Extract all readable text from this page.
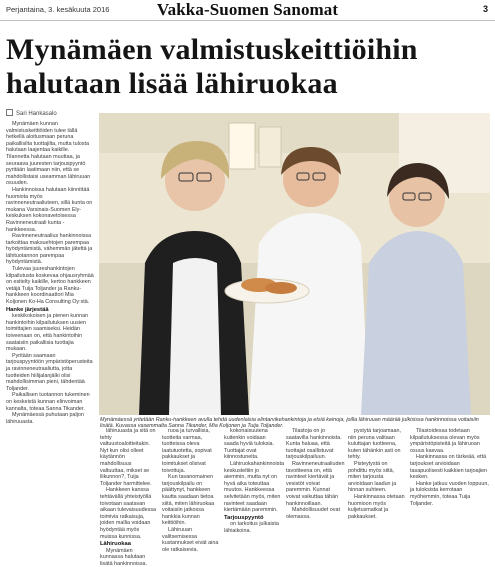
Perjantaina, 3. kesäkuuta 2016	Vakka-Suomen Sanomat	3
Mynämäen valmistuskeittiöihin
halutaan lisää lähiruokaa
Sari Hankasalo

Mynämäen kunnan valmistuskeittiöiden tulee tällä hetkellä aloitusmaan peruna paikallisilta tuottajilta, mutta tulosta halutaan laajentaa kaikille. Tilannetta halutaan muuttaa, ja seuraava juuresten tarjouspyyntö pyritään laatimaan niin, että se mahdollistaisi useamman lähiruuan osuuden.

Hankinnoissa halutaan kiinnittää huomiota myös ravinneneutraaliuteen, sillä kunta on mukana Varsinais-Suomen Ely-keskuksen kokonavetoisessa Ravinneneutraali kunta -hankkeessa.

Ravinneneutraalius hankinnoissa tarkoittaa maksuehtojen parempaa hyödyntämistä, vähemmän jätettä ja lähituotannon parempaa hyödyntämistä.

Tulevaa juureshankintojen kilpailutusta koskevaa ohjausryhmää on esitelty kaikille, kertoo hankkeen vetäjä Tuija Toljander ja Ranku-hankkeen koordinaattori Mia Koljonen Ko-Ha Consulting Oy:stä.

Hanke järjestää

keskikokoisen ja pienen kunnan hankintoihin kilpailutuksen uusien toimittajien saamiseksi. Heidän toiveenaan on, että hankintoihin saataisiin paikallisia tuottajia mukaan.

Pyritään saamaan tarjouspyyntöön ympäristöperusteita ja ravinneneutraaliutta, jotta tuotteiden hiilijalanjälki olisi mahdollisimman pieni, tähdentää Toljander.

Paikallisen tuotannon tukeminen on keskeistä kunnan elinvoiman kannalta, toteaa Sanna Tikander.

Mynämäessä puhutaan paljon lähiruuasta.	Mynämäessä yritetään Ranku-hankkeen avulla tehdä uudenlaisia elintarvikehankintoja ja etsiä keinoja, joilla lähiruuan määrää julkisissa hankinnoissa voitaisiin lisätä. Kuvassa vasemmalta Sanna Tikander, Mia Koljonen ja Tuija Toljander.

lähiruuasta ja sitä on tehty valtuustoaloitteitakin. Nyt kun olisi olleet käytännön mahdollisuus valtuuttaa, mikset se liikunnon?, Tuija Toljander harmittelee.

Hankkeen kanssa tehtävällä yhteistyöllä toivotaan saatavan aikaan tulevaisuudessa toimivia ratkaisuja, joiden mallia voidaan hyödyntää myös muissa kunnissa.

Lähiruokaa

Mynämäen kunnassa halutaan lisätä hankinnoissa.

ruoa ja turvallisia, tuotteita varmaa, tuotteissa oleva laatutuotetta, sopivat pakkaukset ja toimitukset olisivat toivottuja.

Kun tavanomainen tarjouskilpailu on päättynyt, hankkeen kautta saadaan tietoa siitä, miten lähiruokaa voitaisiin jatkossa hankkia kunnan keittiöihin.

Lähiruuan valitsemisessa kustannukset eivät aina ole ratkaisevia.

kokonaisuutena kuitenkin voidaan saada hyviä tuloksia. Tuottajat ovat kiinnostuneita.

Lähiruokahankinnoista keskusteltiin jo aiemmin, mutta nyt on hyvä aika toteuttaa muutos. Hankkeessa selvitetään myös, miten ravinteet saadaan kiertämään paremmin.

Tarjouspyyntö

on tarkoitus julkaista lähiaikoina.

Tilastoja on jo saatavilla hankinnoista. Kunta haluaa, että tuottajat osallistuvat tarjouskilpailuun.

Ravinneneutraaliuden tavoitteena on, että ravinteet kiertävät ja vesistöt voivat paremmin. Kunnat voivat vaikuttaa tähän hankinnoillaan.

Mahdollisuudet ovat olemassa.

pystytä tarjoamaan, niin peruna valitaan kuluttajan tuotteena, kuten tähänkin asti on tehty.

Pisteytystä on pohdittu myös siitä, miten tarjousta arvioidaan laadun ja hinnan suhteen.

Hankinnassa otetaan huomioon myös kuljetusmatkat ja pakkaukset.

Tilastoidessa todetaan kilpailutuksessa olevan myös ympäristöpisteitä ja lähiruoan osuus kasvaa.

Hankinnassa on tärkeää, että tarjoukset arvioidaan tasapuolisesti kaikkien tarjoajien kesken.

Hanke jatkuu vuoden loppuun, ja tuloksista kerrotaan myöhemmin, toteaa Tuija Toljander.
